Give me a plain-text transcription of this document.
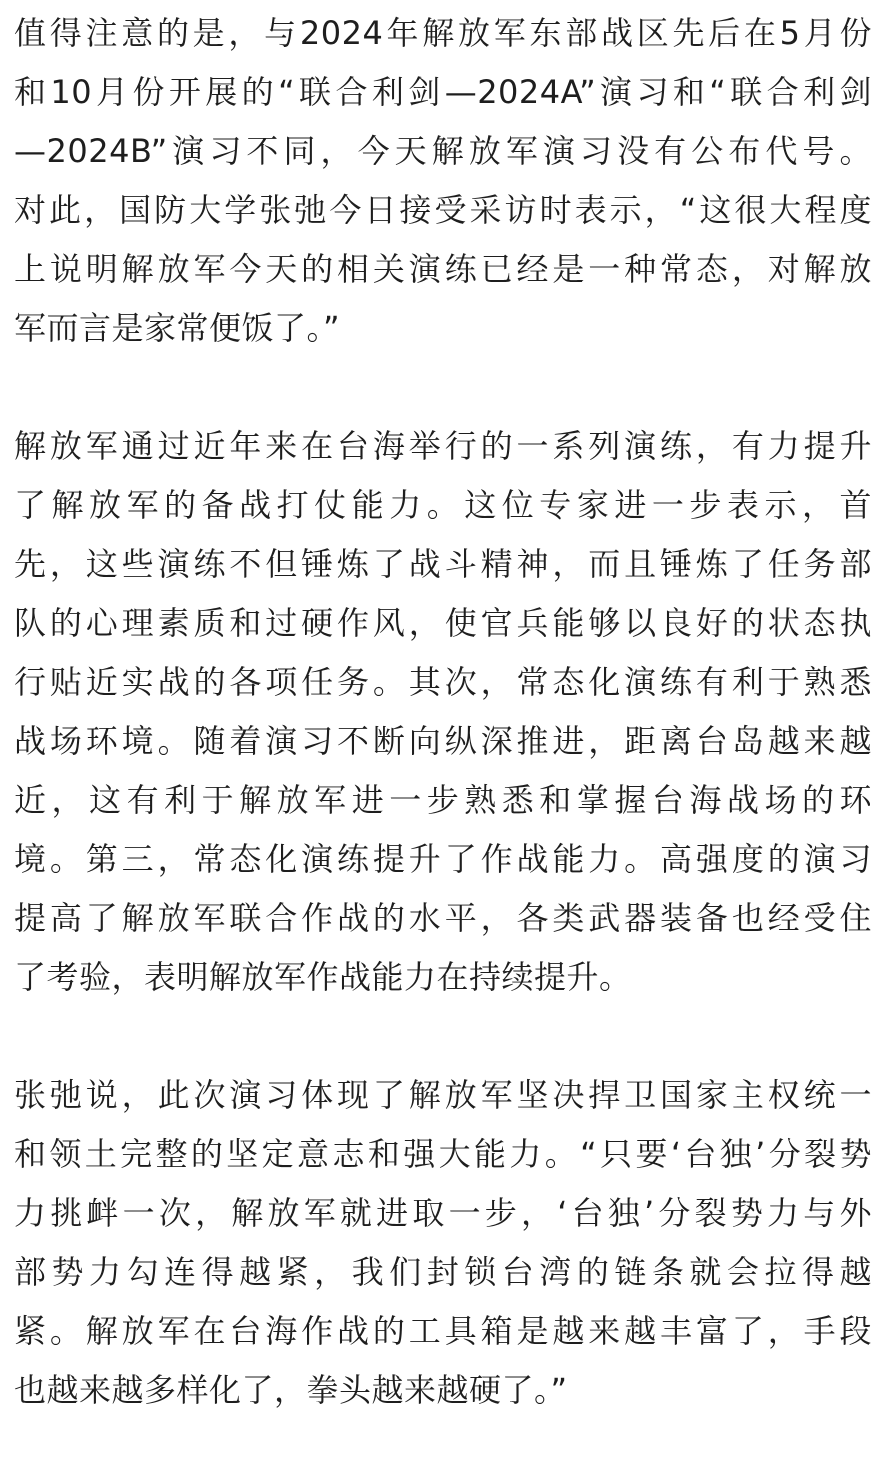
值得注意的是，与2024年解放军东部战区先后在5月份
和10月份开展的“联合利剑—2024A”演习和“联合利剑
—2024B”演习不同，今天解放军演习没有公布代号。
对此，国防大学张弛今日接受采访时表示，“这很大程度
上说明解放军今天的相关演练已经是一种常态，对解放
军而言是家常便饭了。”

解放军通过近年来在台海举行的一系列演练，有力提升
了解放军的备战打仗能力。这位专家进一步表示，首
先，这些演练不但锤炼了战斗精神，而且锤炼了任务部
队的心理素质和过硬作风，使官兵能够以良好的状态执
行贴近实战的各项任务。其次，常态化演练有利于熟悉
战场环境。随着演习不断向纵深推进，距离台岛越来越
近，这有利于解放军进一步熟悉和掌握台海战场的环
境。第三，常态化演练提升了作战能力。高强度的演习
提高了解放军联合作战的水平，各类武器装备也经受住
了考验，表明解放军作战能力在持续提升。

张弛说，此次演习体现了解放军坚决捍卫国家主权统一
和领土完整的坚定意志和强大能力。“只要‘台独’分裂势
力挑衅一次，解放军就进取一步，‘台独’分裂势力与外
部势力勾连得越紧，我们封锁台湾的链条就会拉得越
紧。解放军在台海作战的工具箱是越来越丰富了，手段
也越来越多样化了，拳头越来越硬了。”
